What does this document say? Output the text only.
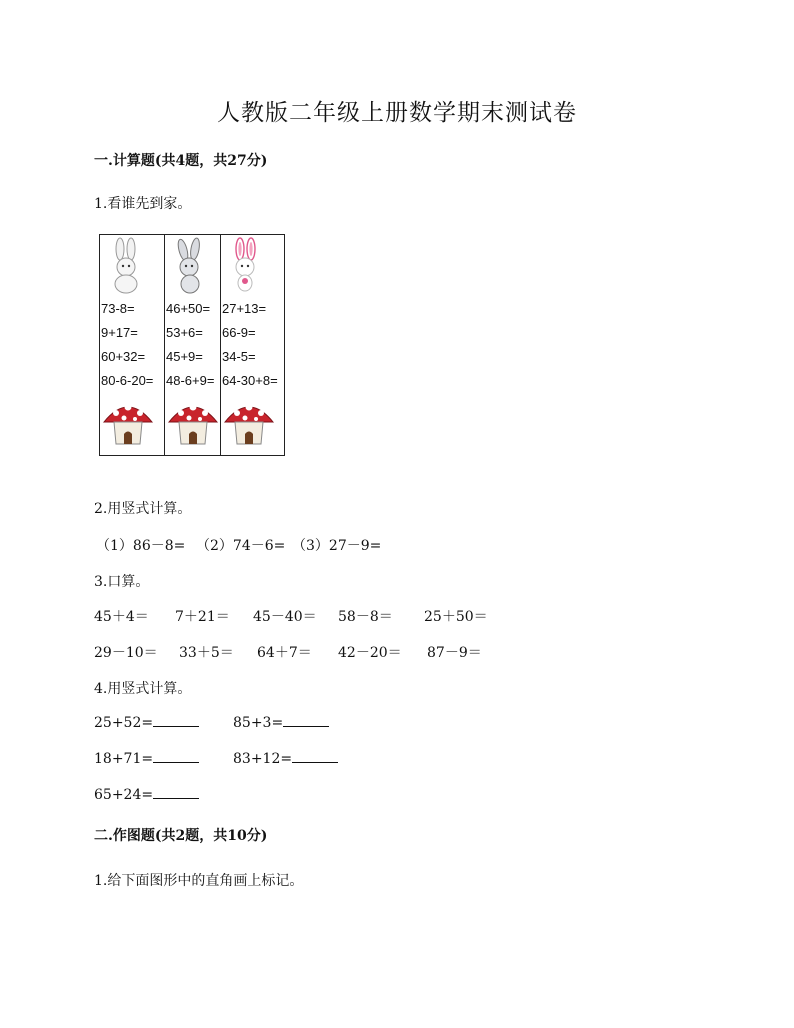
人教版二年级上册数学期末测试卷
一.计算题(共4题，共27分)
1.看谁先到家。
73-8=
9+17=
60+32=
80-6-20=

46+50=
53+6=
45+9=
48-6+9=

27+13=
66-9=
34-5=
64-30+8=
2.用竖式计算。
（1）86－8= （2）74－6= （3）27－9=
3.口算。
45＋4＝ 7＋21＝ 45－40＝ 58－8＝ 25＋50＝
29－10＝ 33＋5＝ 64＋7＝ 42－20＝ 87－9＝
4.用竖式计算。
25+52=	85+3=
18+71=	83+12=
65+24=
二.作图题(共2题，共10分)
1.给下面图形中的直角画上标记。
